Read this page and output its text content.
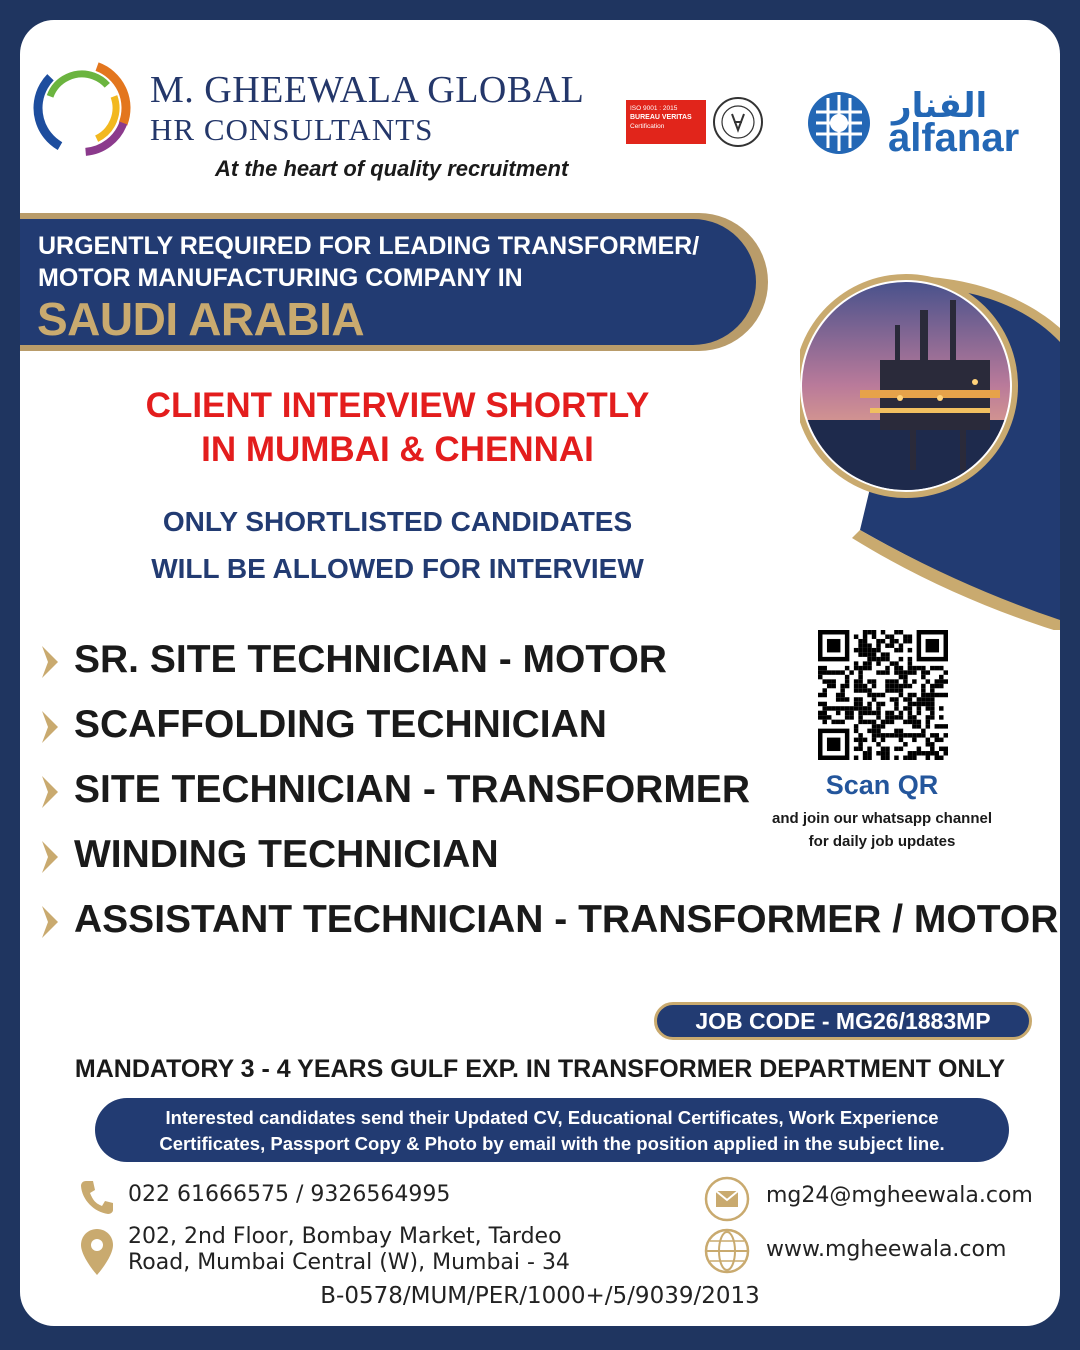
M. GHEEWALA GLOBAL
HR CONSULTANTS
At the heart of quality recruitment
ISO 9001 : 2015
BUREAU VERITAS
Certification
الفنار
alfanar
URGENTLY REQUIRED FOR LEADING TRANSFORMER/
MOTOR MANUFACTURING COMPANY IN
SAUDI ARABIA
CLIENT INTERVIEW SHORTLY
IN MUMBAI & CHENNAI
ONLY SHORTLISTED CANDIDATES
WILL BE ALLOWED FOR INTERVIEW
SR. SITE TECHNICIAN - MOTOR
SCAFFOLDING TECHNICIAN
SITE TECHNICIAN - TRANSFORMER
WINDING TECHNICIAN
ASSISTANT TECHNICIAN - TRANSFORMER / MOTOR
Scan QR
and join our whatsapp channel
for daily job updates
JOB CODE - MG26/1883MP
MANDATORY 3 - 4 YEARS GULF EXP. IN TRANSFORMER DEPARTMENT ONLY
Interested candidates send their Updated CV, Educational Certificates, Work Experience
Certificates, Passport Copy & Photo by email with the position applied in the subject line.
022 61666575 / 9326564995
202, 2nd Floor, Bombay Market, Tardeo
Road, Mumbai Central (W), Mumbai - 34
mg24@mgheewala.com
www.mgheewala.com
B-0578/MUM/PER/1000+/5/9039/2013
